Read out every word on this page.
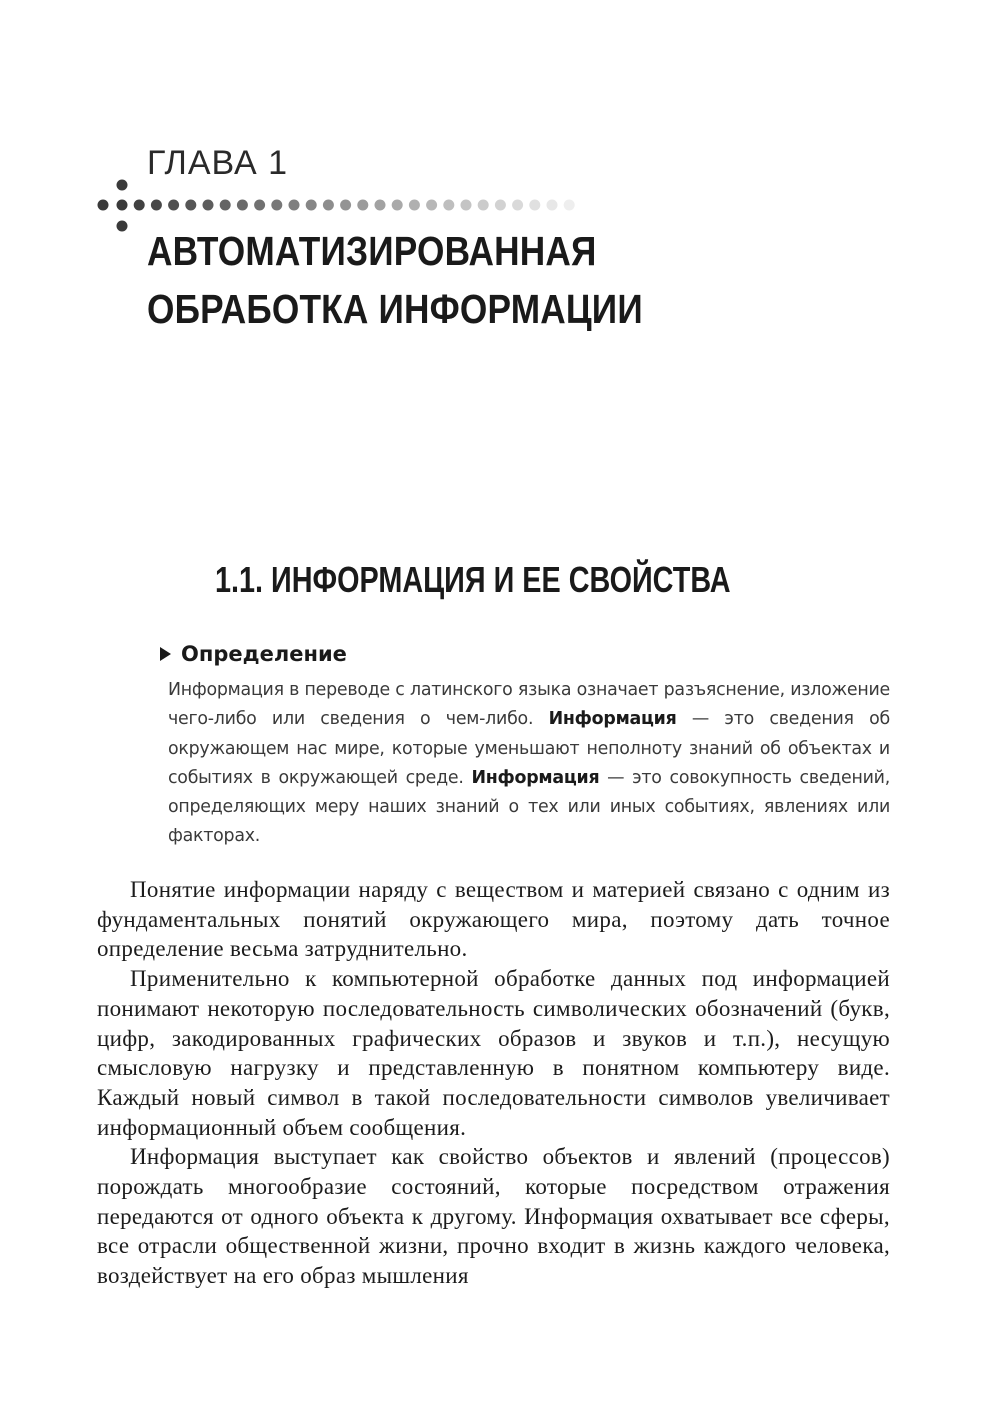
ГЛАВА 1
АВТОМАТИЗИРОВАННАЯ
ОБРАБОТКА ИНФОРМАЦИИ
1.1. ИНФОРМАЦИЯ И ЕЕ СВОЙСТВА
Определение

Информация в переводе с латинского языка означает разъяснение, изложение чего-либо или сведения о чем-либо. Информация — это сведения об окружающем нас мире, которые уменьшают неполноту знаний об объектах и событиях в окружающей среде. Информация — это совокупность сведений, определяющих меру наших знаний о тех или иных событиях, явлениях или факторах.

Понятие информации наряду с веществом и материей связано с одним из фундаментальных понятий окружающего мира, поэтому дать точное определение весьма затруднительно.

Применительно к компьютерной обработке данных под информацией понимают некоторую последовательность символических обозначений (букв, цифр, закодированных графических образов и звуков и т.п.), несущую смысловую нагрузку и представленную в понятном компьютеру виде. Каждый новый символ в такой последовательности символов увеличивает информационный объем сообщения.

Информация выступает как свойство объектов и явлений (процессов) порождать многообразие состояний, которые посредством отражения передаются от одного объекта к другому. Информация охватывает все сферы, все отрасли общественной жизни, прочно входит в жизнь каждого человека, воздействует на его образ мышления
